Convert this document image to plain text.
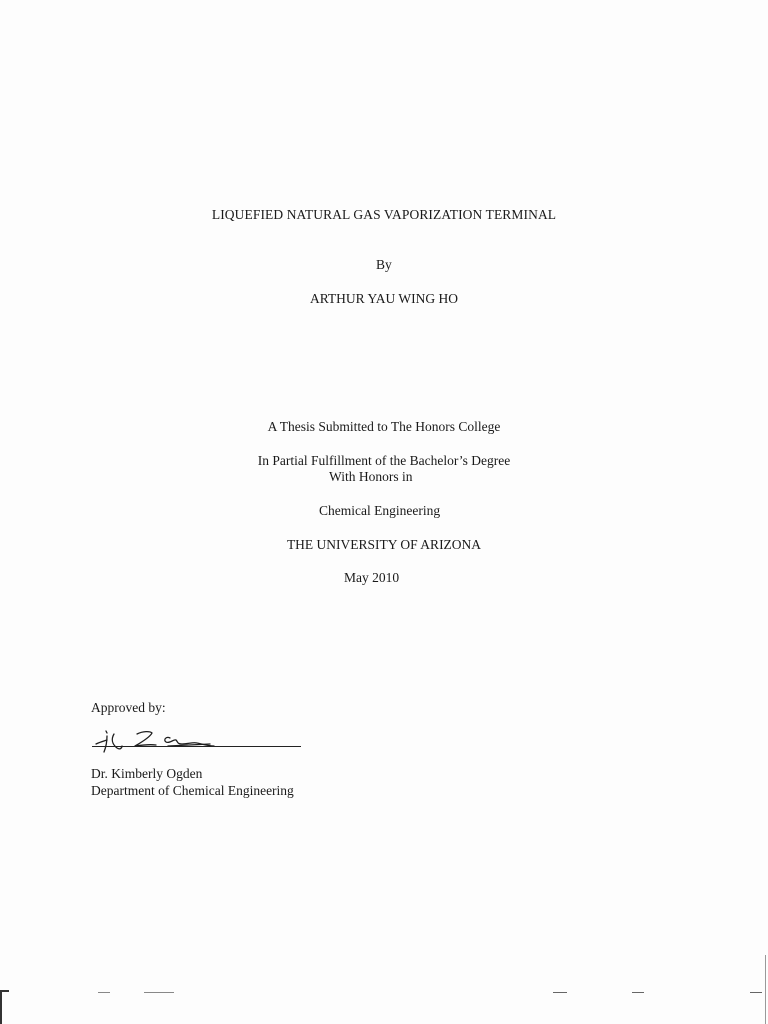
LIQUEFIED NATURAL GAS VAPORIZATION TERMINAL
By
ARTHUR YAU WING HO
A Thesis Submitted to The Honors College
In Partial Fulfillment of the Bachelor’s Degree
With Honors in
Chemical Engineering
THE UNIVERSITY OF ARIZONA
May 2010
Approved by:
Dr. Kimberly Ogden
Department of Chemical Engineering
